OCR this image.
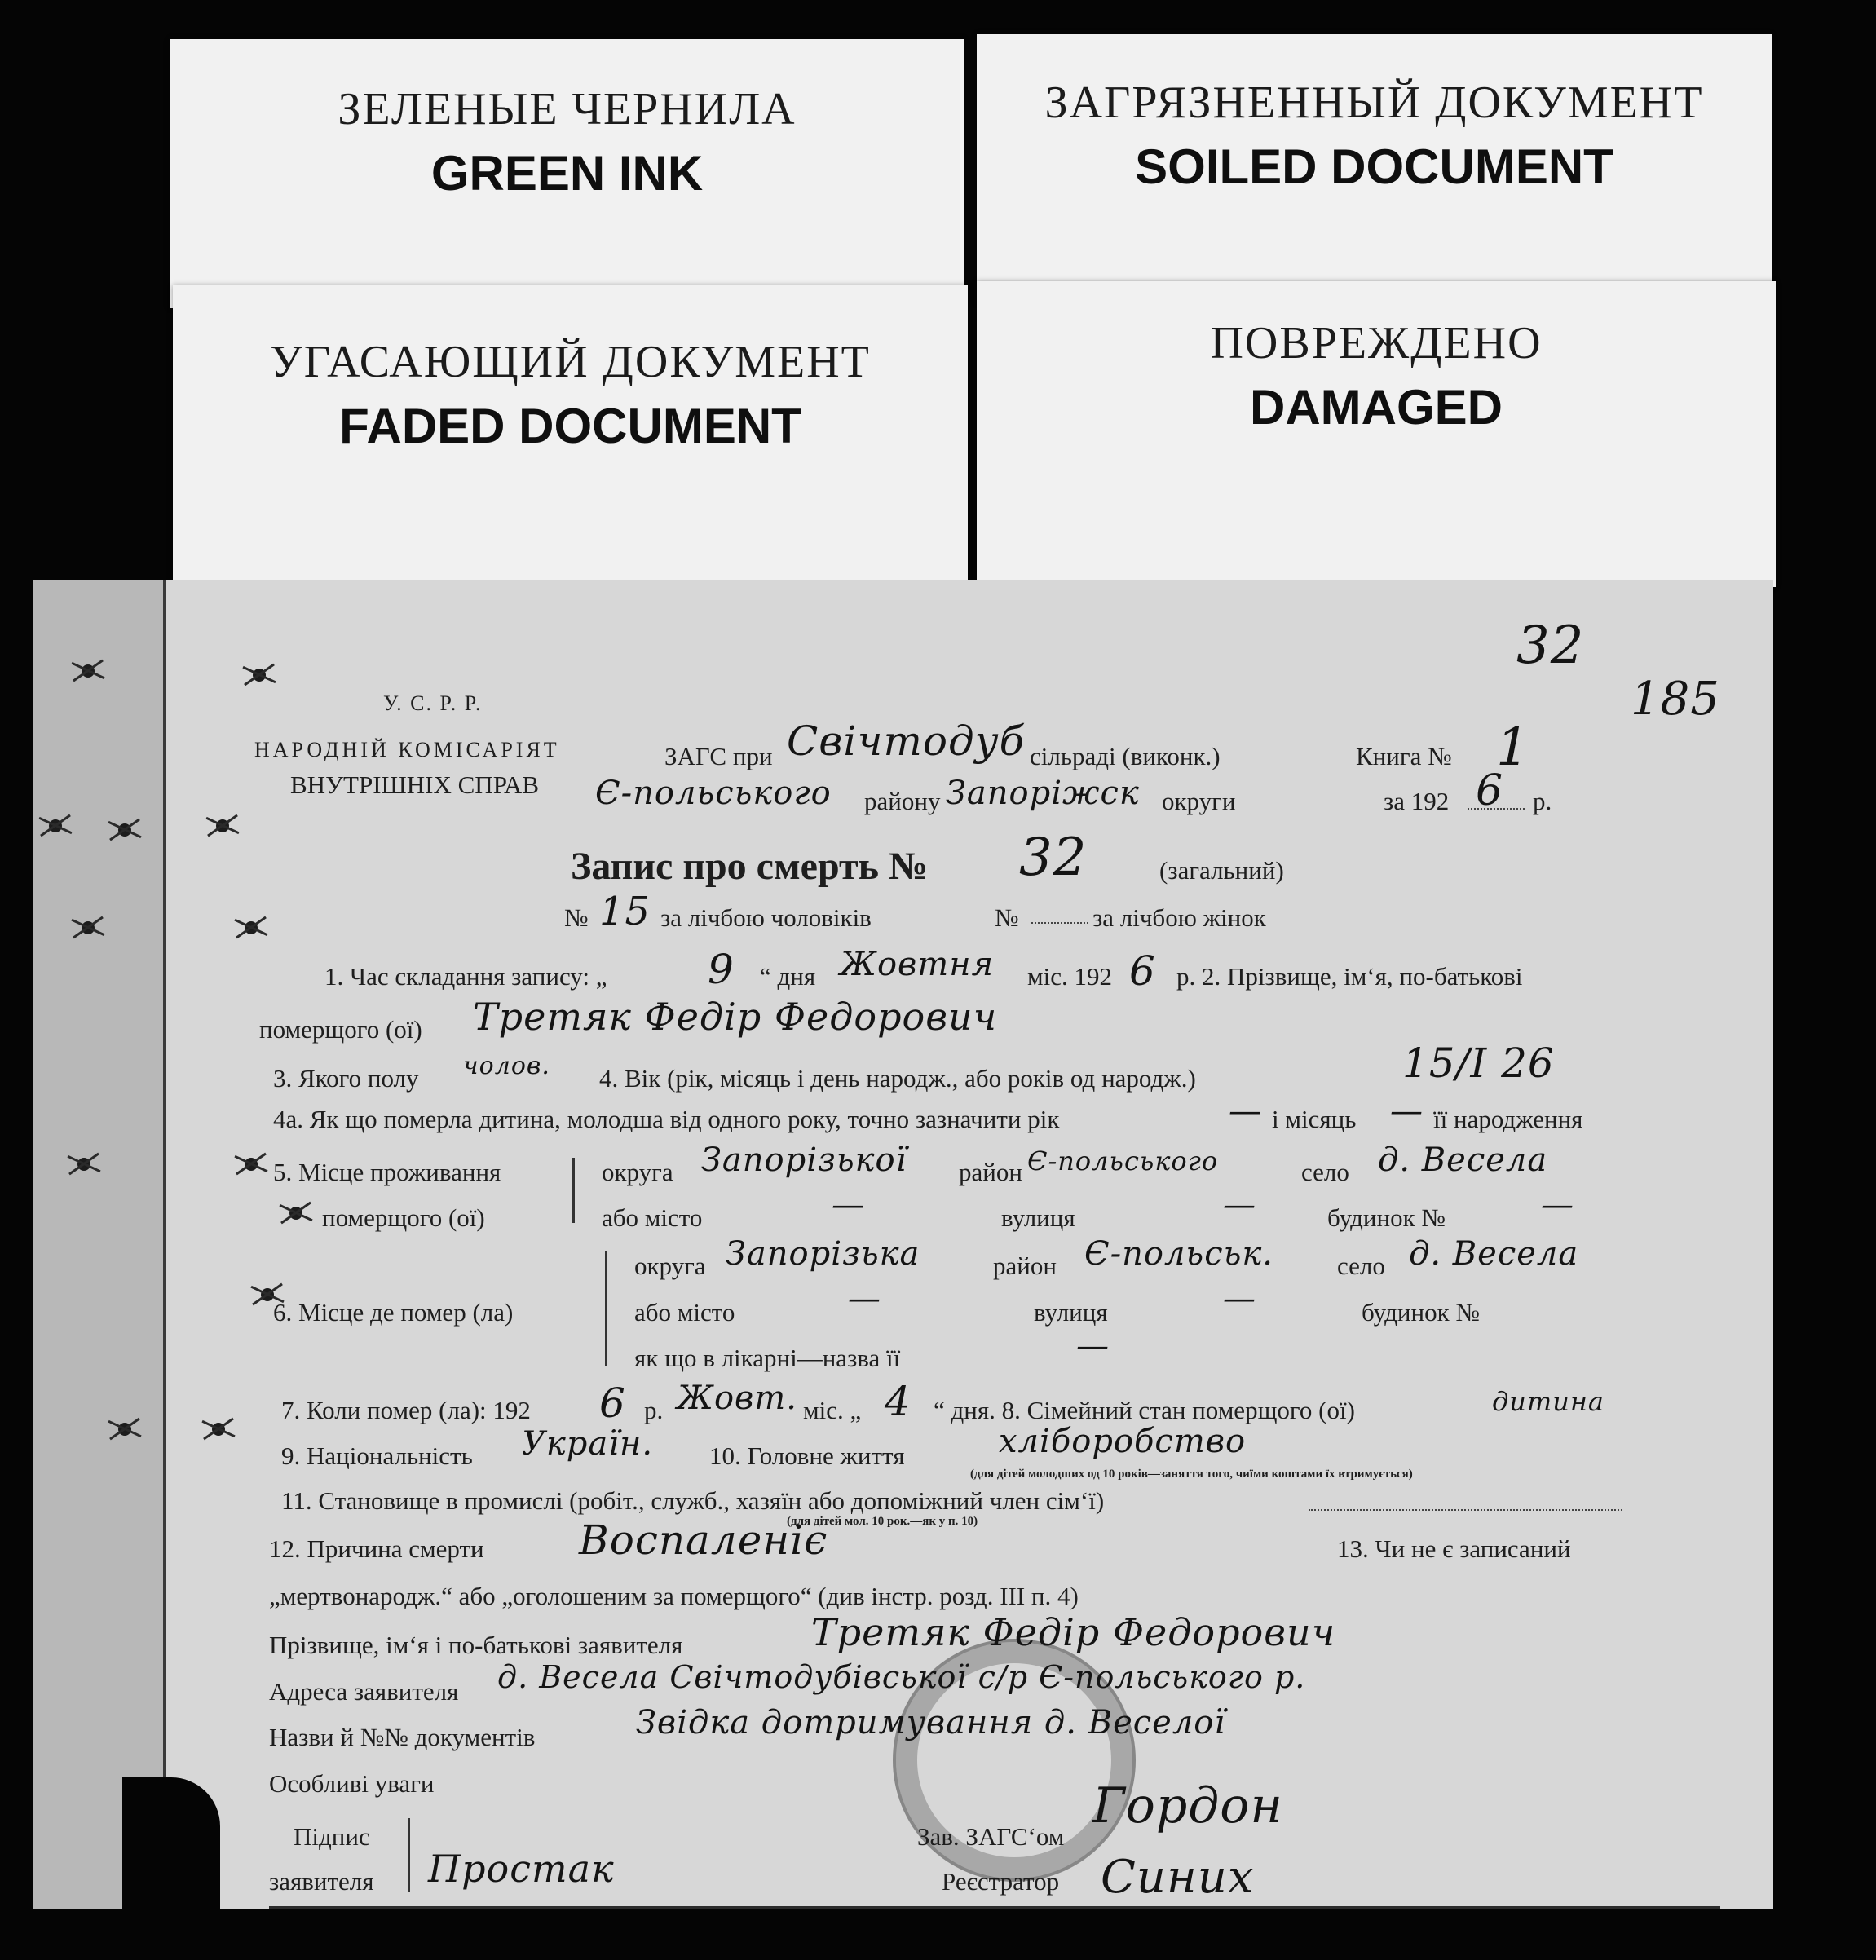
ЗЕЛЕНЫЕ ЧЕРНИЛА
GREEN INK
ЗАГРЯЗНЕННЫЙ ДОКУМЕНТ
SOILED DOCUMENT
УГАСАЮЩИЙ ДОКУМЕНТ
FADED DOCUMENT
ПОВРЕЖДЕНО
DAMAGED
32
185
У. С. Р. Р.
НАРОДНІЙ КОМІСАРІЯТ
ВНУТРІШНІХ СПРАВ
ЗАГС при Свічтодуб сільраді (виконк.)	Книга № 1
Є-польського району Запоріжск округи	за 192 6 р.
Запис про смерть № 32	(загальний)
№ 15 за лічбою чоловіків	№	за лічбою жінок
1. Час складання запису: „ 9 “ дня Жовтня міс. 192 6 р. 2. Прізвище, ім‘я, по-батькові
померщого (ої) Третяк Федір Федорович
3. Якого полу чолов. 4. Вік (рік, місяць і день народж., або років од народж.)	15/I 26
4а. Як що померла дитина, молодша від одного року, точно зазначити рік	— і місяць — її народження
5. Місце проживання
померщого (ої)
округа Запорізької район Є-польського	село д. Весела
або місто	—	вулиця	—	будинок №	—
6. Місце де помер (ла)
округа Запорізька	район Є-польськ.	село д. Весела
або місто	—	вулиця	—	будинок №
як що в лікарні—назва її	—
7. Коли помер (ла): 192 6 р. Жовт. міс. „ 4 “ дня. 8. Сімейний стан померщого (ої)	дитина
9. Національність Україн. 10. Головне життя	хліборобство
(для дітей молодших од 10 років—заняття того, чиїми коштами їх втримується)
11. Становище в промислі (робіт., служб., хазяїн або допоміжний член сім‘ї)
(для дітей мол. 10 рок.—як у п. 10)
12. Причина смерти Воспаленіє	13. Чи не є записаний
„мертвонародж.“ або „оголошеним за померщого“ (див інстр. розд. III п. 4)
Прізвище, ім‘я і по-батькові заявителя	Третяк Федір Федорович
Адреса заявителя д. Весела Свічтодубівської с/р Є-польського р.
Назви й №№ документів	Звідка дотримування д. Веселої
Особливі уваги
Підпис
заявителя Простак
Зав. ЗАГС‘ом
Гордон
Реєстратор Синих
